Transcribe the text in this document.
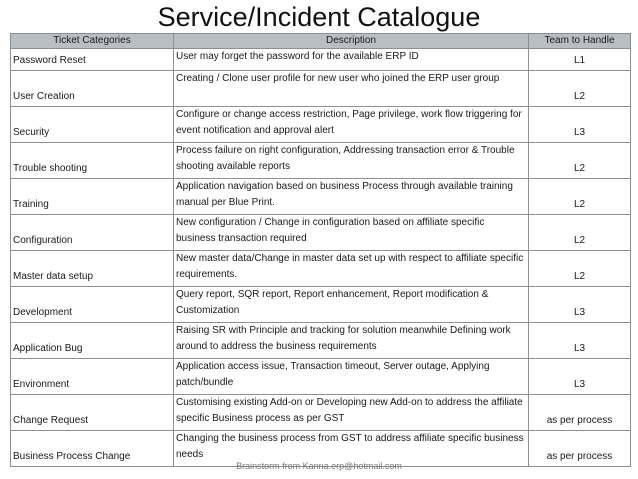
Service/Incident Catalogue
Ticket Categories	Description	Team to Handle
Password Reset	User may forget the password for the available ERP ID	L1
User Creation	Creating / Clone user profile for new user who joined the ERP user group	L2
Security	Configure or change access restriction, Page privilege, work flow triggering for event notification and approval alert	L3
Trouble shooting	Process failure on right configuration, Addressing transaction error & Trouble shooting available reports	L2
Training	Application navigation based on business Process through available training manual per Blue Print.	L2
Configuration	New configuration / Change in configuration based on affiliate specific business transaction required	L2
Master data setup	New master data/Change in master data set up with respect to affiliate specific requirements.	L2
Development	Query report, SQR report, Report enhancement, Report modification & Customization	L3
Application Bug	Raising SR with Principle and tracking for solution meanwhile Defining work around to address the business requirements	L3
Environment	Application access issue, Transaction timeout, Server outage, Applying patch/bundle	L3
Change Request	Customising existing Add-on or Developing new Add-on to address the affiliate specific Business process as per GST	as per process
Business Process Change	Changing the business process from GST to address affiliate specific business needs	as per process
Brainstorm from Kanna.erp@hotmail.com
